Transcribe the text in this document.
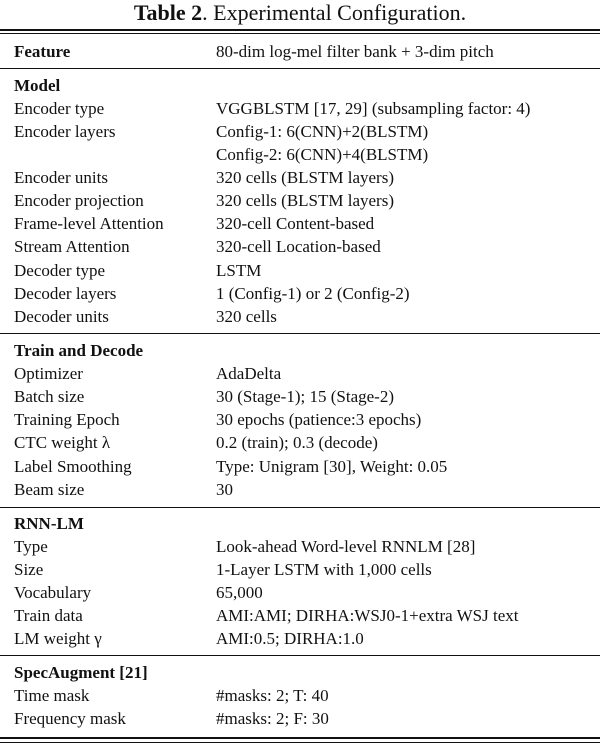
Table 2. Experimental Configuration.
Feature	80-dim log-mel filter bank + 3-dim pitch
Model
Encoder type	VGGBLSTM [17, 29] (subsampling factor: 4)
Encoder layers	Config-1: 6(CNN)+2(BLSTM)
Config-2: 6(CNN)+4(BLSTM)
Encoder units	320 cells (BLSTM layers)
Encoder projection	320 cells (BLSTM layers)
Frame-level Attention	320-cell Content-based
Stream Attention	320-cell Location-based
Decoder type	LSTM
Decoder layers	1 (Config-1) or 2 (Config-2)
Decoder units	320 cells
Train and Decode
Optimizer	AdaDelta
Batch size	30 (Stage-1); 15 (Stage-2)
Training Epoch	30 epochs (patience:3 epochs)
CTC weight λ	0.2 (train); 0.3 (decode)
Label Smoothing	Type: Unigram [30], Weight: 0.05
Beam size	30
RNN-LM
Type	Look-ahead Word-level RNNLM [28]
Size	1-Layer LSTM with 1,000 cells
Vocabulary	65,000
Train data	AMI:AMI; DIRHA:WSJ0-1+extra WSJ text
LM weight γ	AMI:0.5; DIRHA:1.0
SpecAugment [21]
Time mask	#masks: 2; T: 40
Frequency mask	#masks: 2; F: 30
